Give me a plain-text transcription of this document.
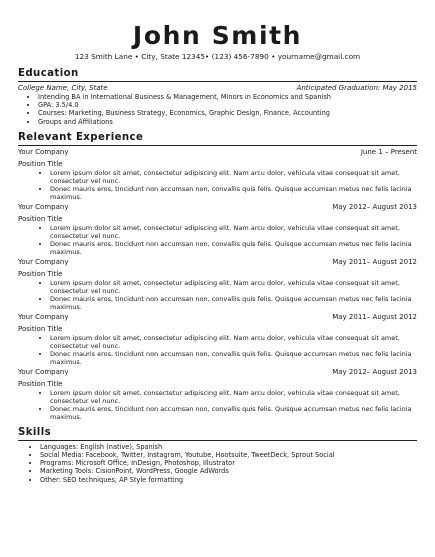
John Smith
123 Smith Lane • City, State 12345• (123) 456-7890 • yourname@gmail.com
Education
College Name, City, State	Anticipated Graduation: May 2015
• Intending BA in International Business & Management, Minors in Economics and Spanish
• GPA: 3.5/4.0
• Courses: Marketing, Business Strategy, Economics, Graphic Design, Finance, Accounting
• Groups and Affiliations
Relevant Experience
Your Company	June 1 – Present
Position Title
• Lorem ipsum dolor sit amet, consectetur adipiscing elit. Nam arcu dolor, vehicula vitae consequat sit amet, consectetur vel nunc.
• Donec mauris eros, tincidunt non accumsan non, convallis quis felis. Quisque accumsan metus nec felis lacinia maximus.
Your Company	May 2012– August 2013
Position Title
• Lorem ipsum dolor sit amet, consectetur adipiscing elit. Nam arcu dolor, vehicula vitae consequat sit amet, consectetur vel nunc.
• Donec mauris eros, tincidunt non accumsan non, convallis quis felis. Quisque accumsan metus nec felis lacinia maximus.
Your Company	May 2011– August 2012
Position Title
• Lorem ipsum dolor sit amet, consectetur adipiscing elit. Nam arcu dolor, vehicula vitae consequat sit amet, consectetur vel nunc.
• Donec mauris eros, tincidunt non accumsan non, convallis quis felis. Quisque accumsan metus nec felis lacinia maximus.
Your Company	May 2011– August 2012
Position Title
• Lorem ipsum dolor sit amet, consectetur adipiscing elit. Nam arcu dolor, vehicula vitae consequat sit amet, consectetur vel nunc.
• Donec mauris eros, tincidunt non accumsan non, convallis quis felis. Quisque accumsan metus nec felis lacinia maximus.
Your Company	May 2012– August 2013
Position Title
• Lorem ipsum dolor sit amet, consectetur adipiscing elit. Nam arcu dolor, vehicula vitae consequat sit amet, consectetur vel nunc.
• Donec mauris eros, tincidunt non accumsan non, convallis quis felis. Quisque accumsan metus nec felis lacinia maximus.
Skills
• Languages: English (native), Spanish
• Social Media: Facebook, Twitter, Instagram, Youtube, Hootsuite, TweetDeck, Sprout Social
• Programs: Microsoft Office, InDesign, Photoshop, Illustrator
• Marketing Tools: CisionPoint, WordPress, Google AdWords
• Other: SEO techniques, AP Style formatting
